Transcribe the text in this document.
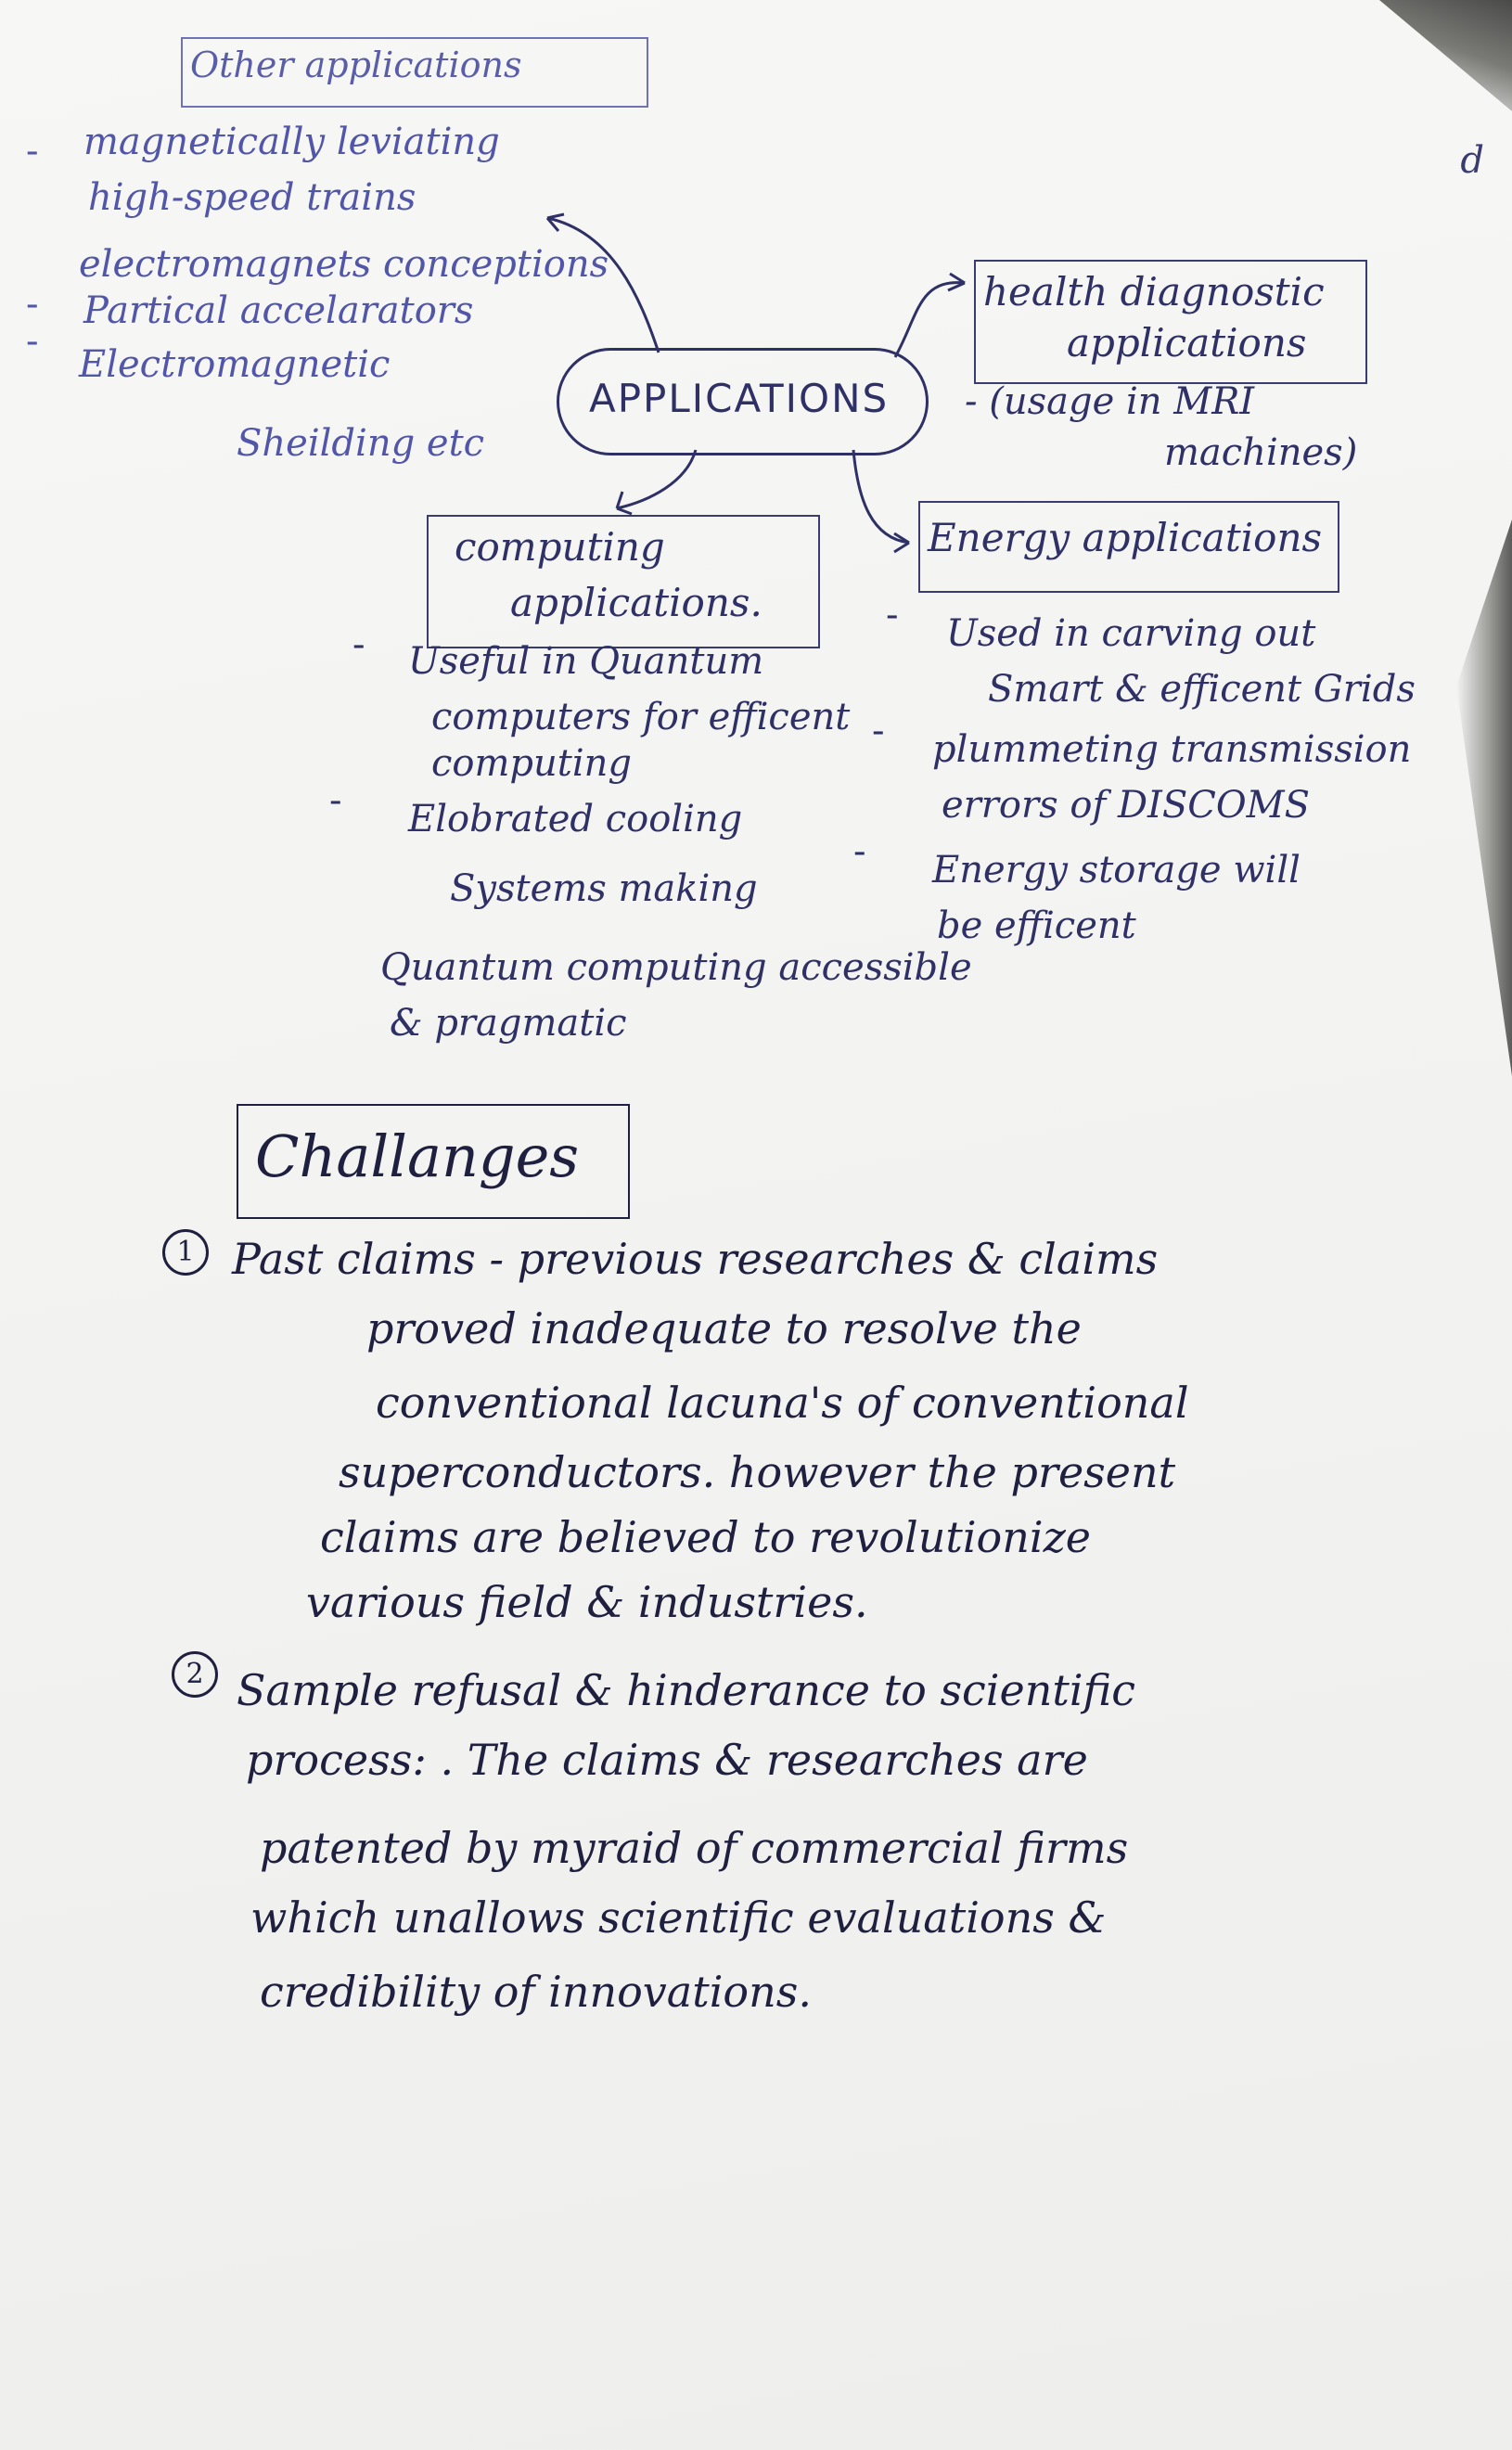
d
Other applications
- magnetically leviating
high-speed trains
electromagnets conceptions
- Partical accelarators
-
Electromagnetic
Sheilding etc
APPLICATIONS
health diagnostic
applications
- (usage in MRI
machines)
computing
applications.
- Useful in Quantum
computers for efficent
computing
- Elobrated cooling
Systems making
Quantum computing accessible
& pragmatic
Energy applications
- Used in carving out
Smart & efficent Grids
- plummeting transmission
errors of DISCOMS
- Energy storage will
be efficent
Challanges
1 Past claims - previous researches & claims
proved inadequate to resolve the
conventional lacuna's of conventional
superconductors. however the present
claims are believed to revolutionize
various field & industries.
2 Sample refusal & hinderance to scientific
process: . The claims & researches are
patented by myraid of commercial firms
which unallows scientific evaluations &
credibility of innovations.
